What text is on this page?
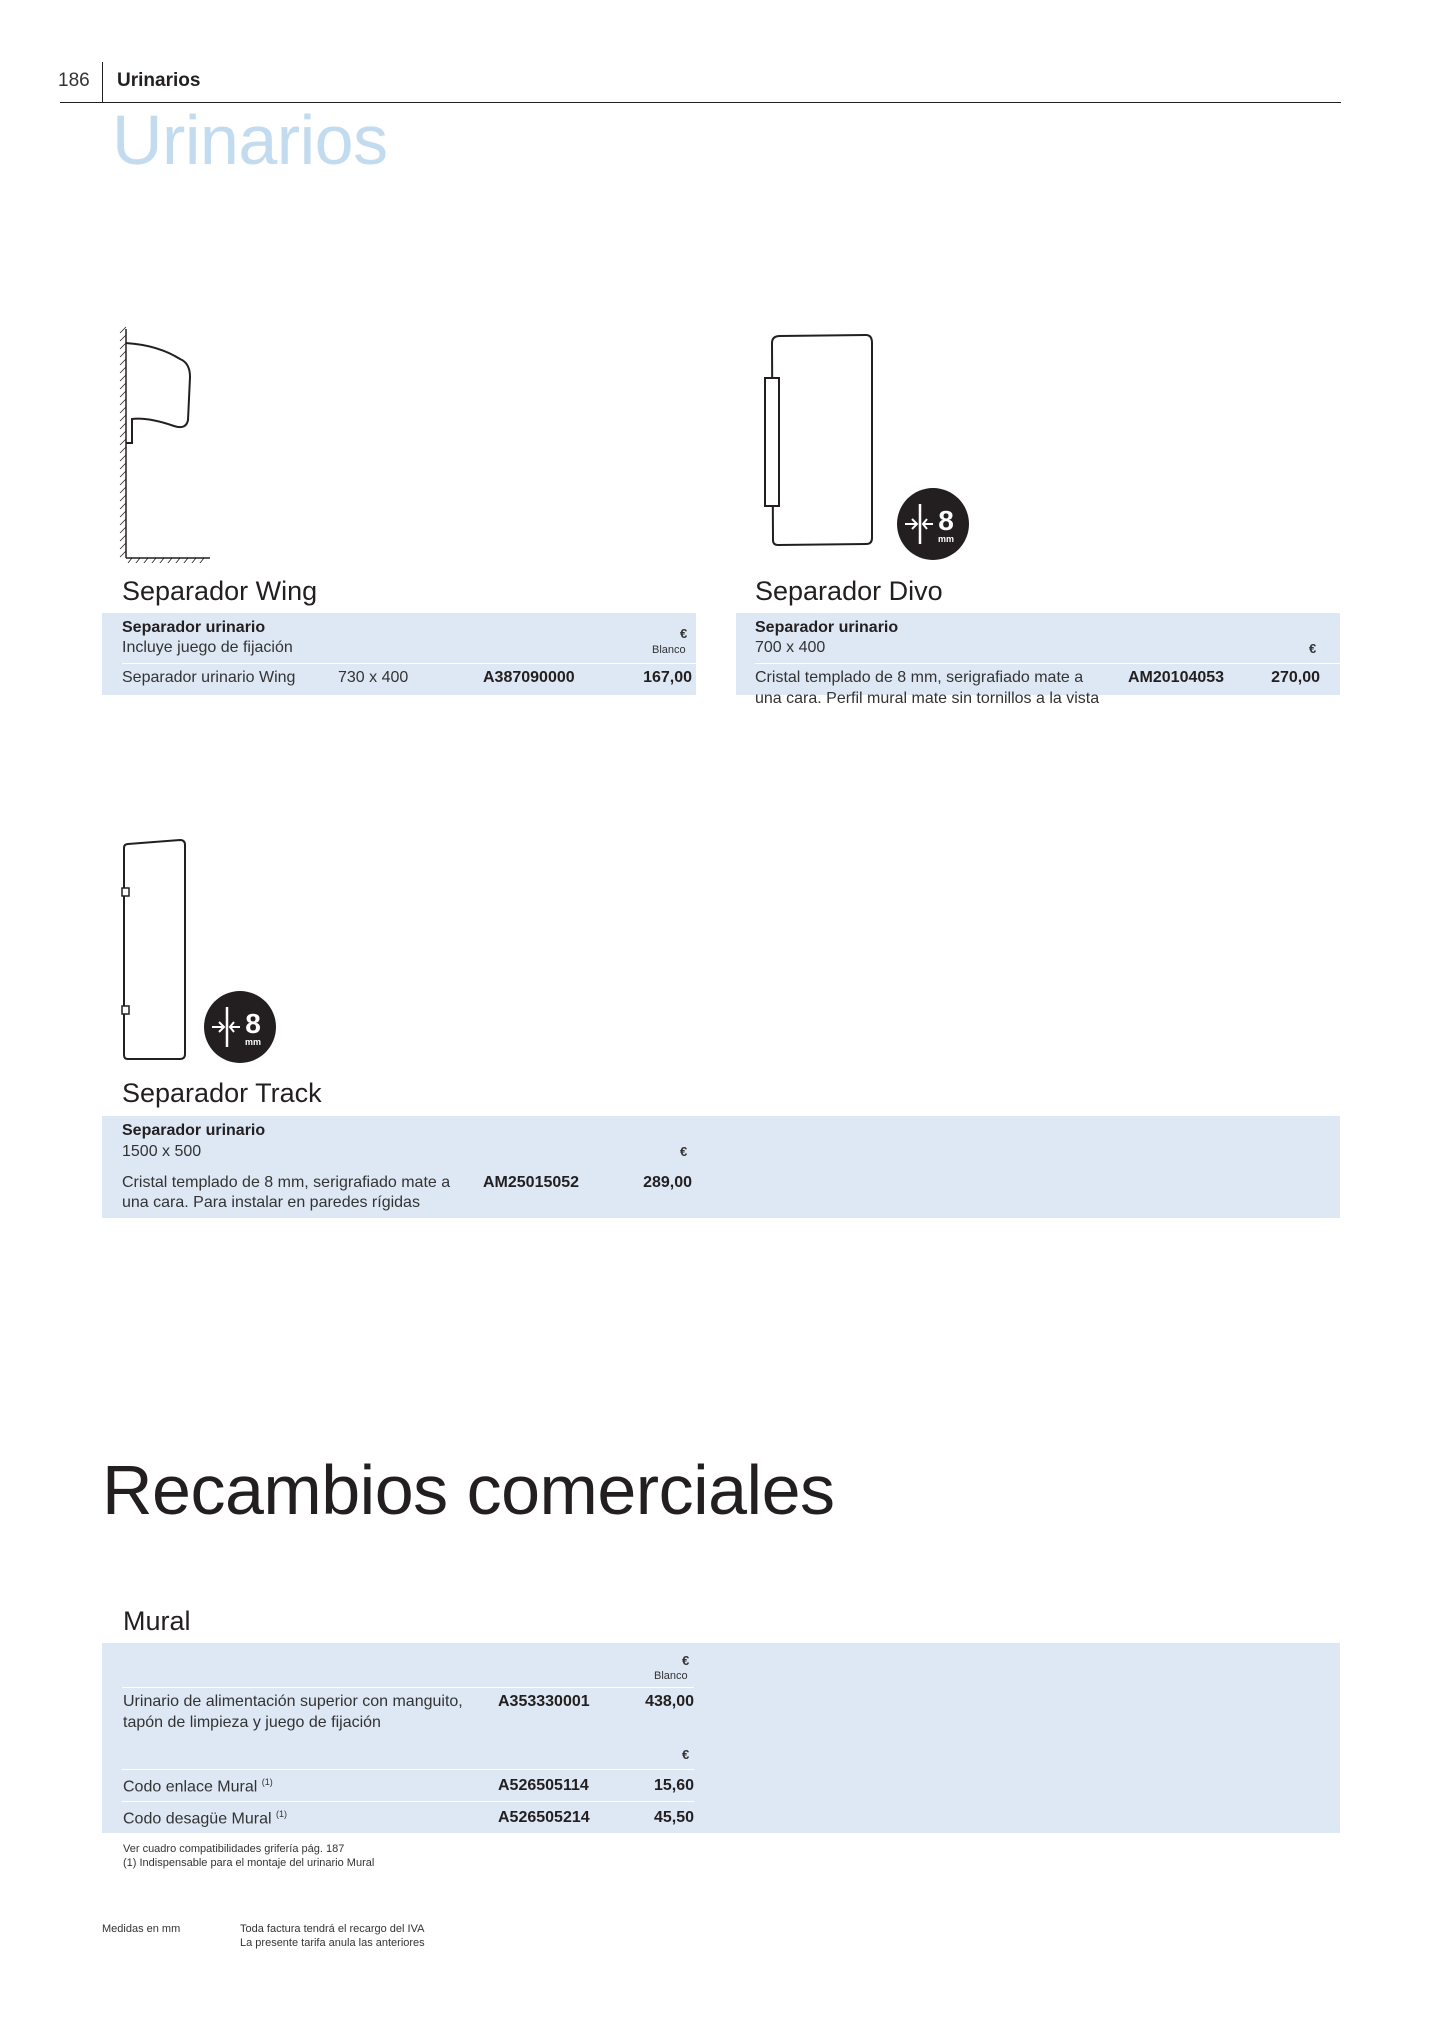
186 Urinarios
Urinarios
8
mm
Separador Wing
Separador urinario
Incluye juego de fijación
€
Blanco
Separador urinario Wing	730 x 400	A387090000	167,00
Separador Divo
Separador urinario
700 x 400	€
Cristal templado de 8 mm, serigrafiado mate a	AM20104053	270,00
una cara. Perfil mural mate sin tornillos a la vista
8
mm
Separador Track
Separador urinario
1500 x 500	€
Cristal templado de 8 mm, serigrafiado mate a
una cara. Para instalar en paredes rígidas
AM25015052	289,00
Recambios comerciales
Mural
€
Blanco
Urinario de alimentación superior con manguito,
tapón de limpieza y juego de fijación
A353330001	438,00
€
Codo enlace Mural $^{(1)}$	A526505114	15,60
Codo desagüe Mural $^{(1)}$	A526505214	45,50
Ver cuadro compatibilidades grifería pág. 187
(1) Indispensable para el montaje del urinario Mural
Medidas en mm	Toda factura tendrá el recargo del IVA
La presente tarifa anula las anteriores
